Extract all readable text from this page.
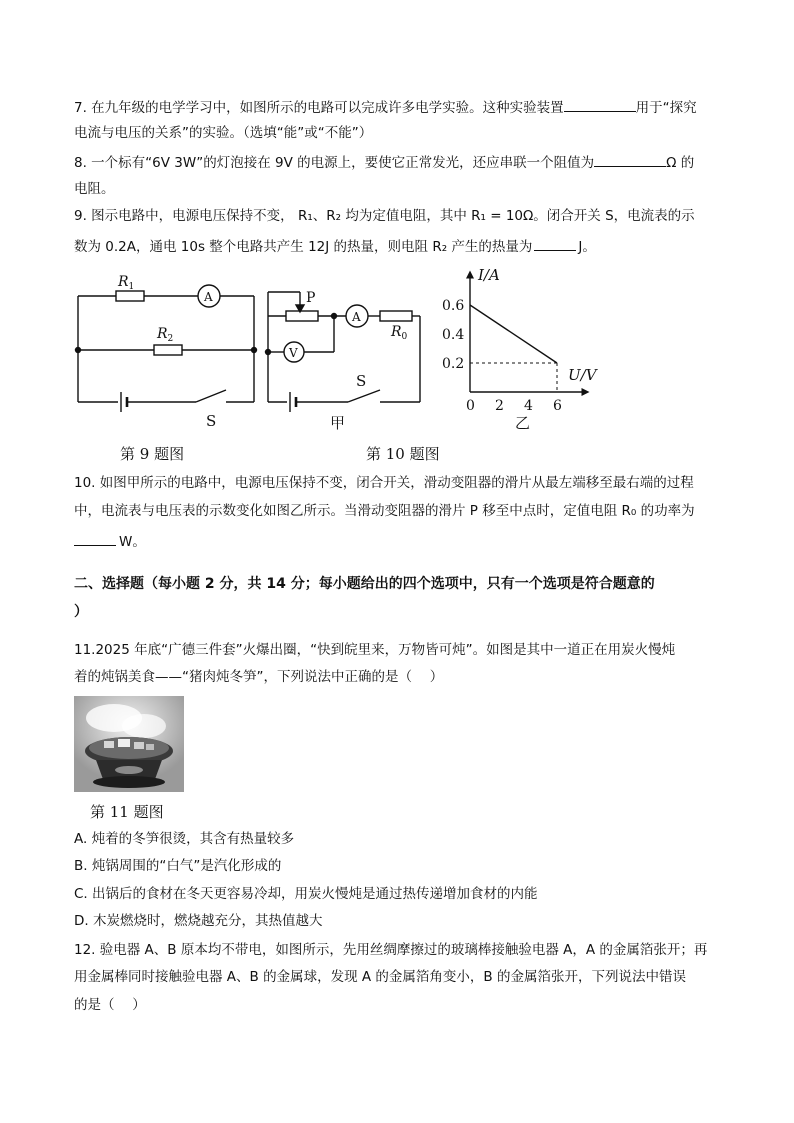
7. 在九年级的电学学习中，如图所示的电路可以完成许多电学实验。这种实验装置	用于“探究
电流与电压的关系”的实验。（选填“能”或“不能”）
8. 一个标有“6V 3W”的灯泡接在 9V 的电源上，要使它正常发光，还应串联一个阻值为	Ω 的
电阻。
9. 图示电路中，电源电压保持不变， R₁、R₂ 均为定值电阻，其中 R₁ = 10Ω。闭合开关 S，电流表的示
数为 0.2A，通电 10s 整个电路共产生 12J 的热量，则电阻 R₂ 产生的热量为	J。
$R_1$
$R_2$
A
S
P
A
V
$R_0$
S
甲
0 2 4 6
0.2
0.4
0.6
I/A
U/V
乙
第 9 题图	第 10 题图
10. 如图甲所示的电路中，电源电压保持不变，闭合开关，滑动变阻器的滑片从最左端移至最右端的过程
中，电流表与电压表的示数变化如图乙所示。当滑动变阻器的滑片 P 移至中点时，定值电阻 R₀ 的功率为
W。
二、选择题（每小题 2 分，共 14 分；每小题给出的四个选项中，只有一个选项是符合题意的
）
11.2025 年底“广德三件套”火爆出圈，“快到皖里来，万物皆可炖”。如图是其中一道正在用炭火慢炖
着的炖锅美食——“猪肉炖冬笋”，下列说法中正确的是（　 ）
第 11 题图
A. 炖着的冬笋很烫，其含有热量较多
B. 炖锅周围的“白气”是汽化形成的
C. 出锅后的食材在冬天更容易冷却，用炭火慢炖是通过热传递增加食材的内能
D. 木炭燃烧时，燃烧越充分，其热值越大
12. 验电器 A、B 原本均不带电，如图所示，先用丝绸摩擦过的玻璃棒接触验电器 A，A 的金属箔张开；再
用金属棒同时接触验电器 A、B 的金属球，发现 A 的金属箔角变小，B 的金属箔张开，下列说法中错误
的是（　 ）
